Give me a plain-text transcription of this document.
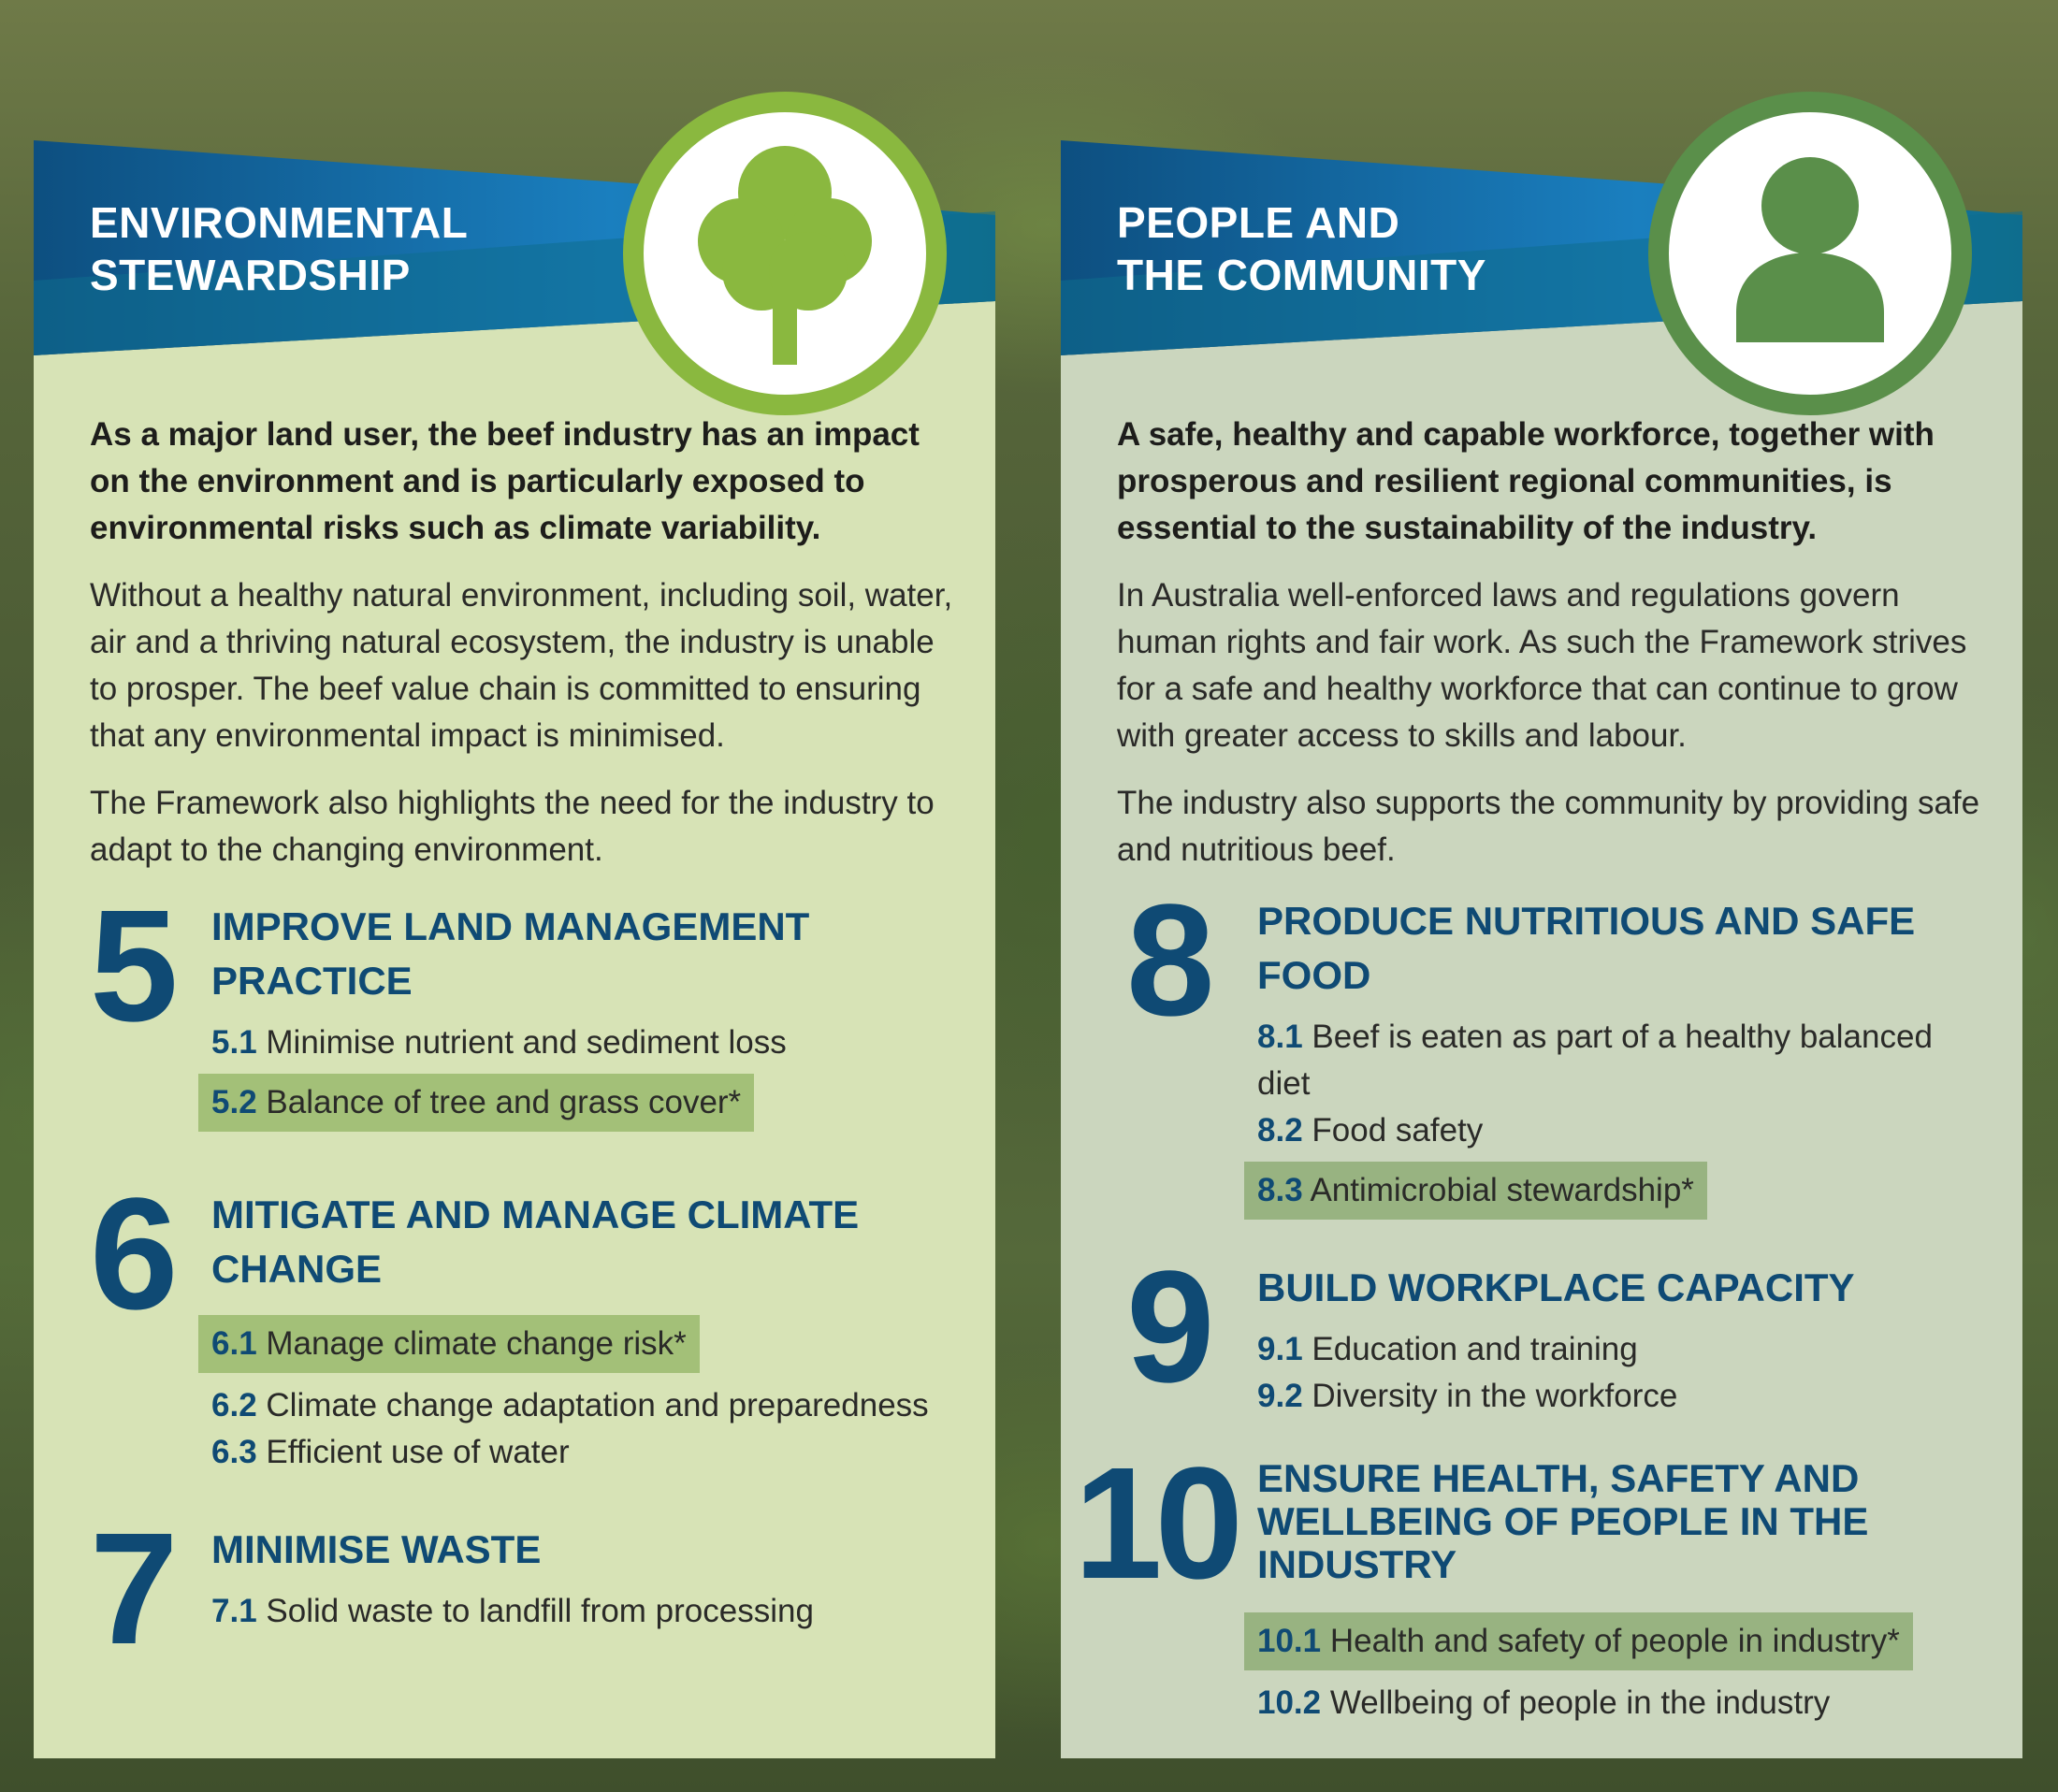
ENVIRONMENTAL
STEWARDSHIP

As a major land user, the beef industry has an impact on the environment and is particularly exposed to environmental risks such as climate variability.

Without a healthy natural environment, including soil, water, air and a thriving natural ecosystem, the industry is unable to prosper. The beef value chain is committed to ensuring that any environmental impact is minimised.

The Framework also highlights the need for the industry to adapt to the changing environment.

5 IMPROVE LAND MANAGEMENT PRACTICE
5.1 Minimise nutrient and sediment loss
5.2 Balance of tree and grass cover*
6 MITIGATE AND MANAGE CLIMATE CHANGE
6.1 Manage climate change risk*
6.2 Climate change adaptation and preparedness
6.3 Efficient use of water
7 MINIMISE WASTE
7.1 Solid waste to landfill from processing
PEOPLE AND
THE COMMUNITY

A safe, healthy and capable workforce, together with prosperous and resilient regional communities, is essential to the sustainability of the industry.

In Australia well-enforced laws and regulations govern human rights and fair work. As such the Framework strives for a safe and healthy workforce that can continue to grow with greater access to skills and labour.

The industry also supports the community by providing safe and nutritious beef.

8 PRODUCE NUTRITIOUS AND SAFE FOOD
8.1 Beef is eaten as part of a healthy balanced diet
8.2 Food safety
8.3 Antimicrobial stewardship*
9 BUILD WORKPLACE CAPACITY
9.1 Education and training
9.2 Diversity in the workforce
10 ENSURE HEALTH, SAFETY AND WELLBEING OF PEOPLE IN THE INDUSTRY
10.1 Health and safety of people in industry*
10.2 Wellbeing of people in the industry
